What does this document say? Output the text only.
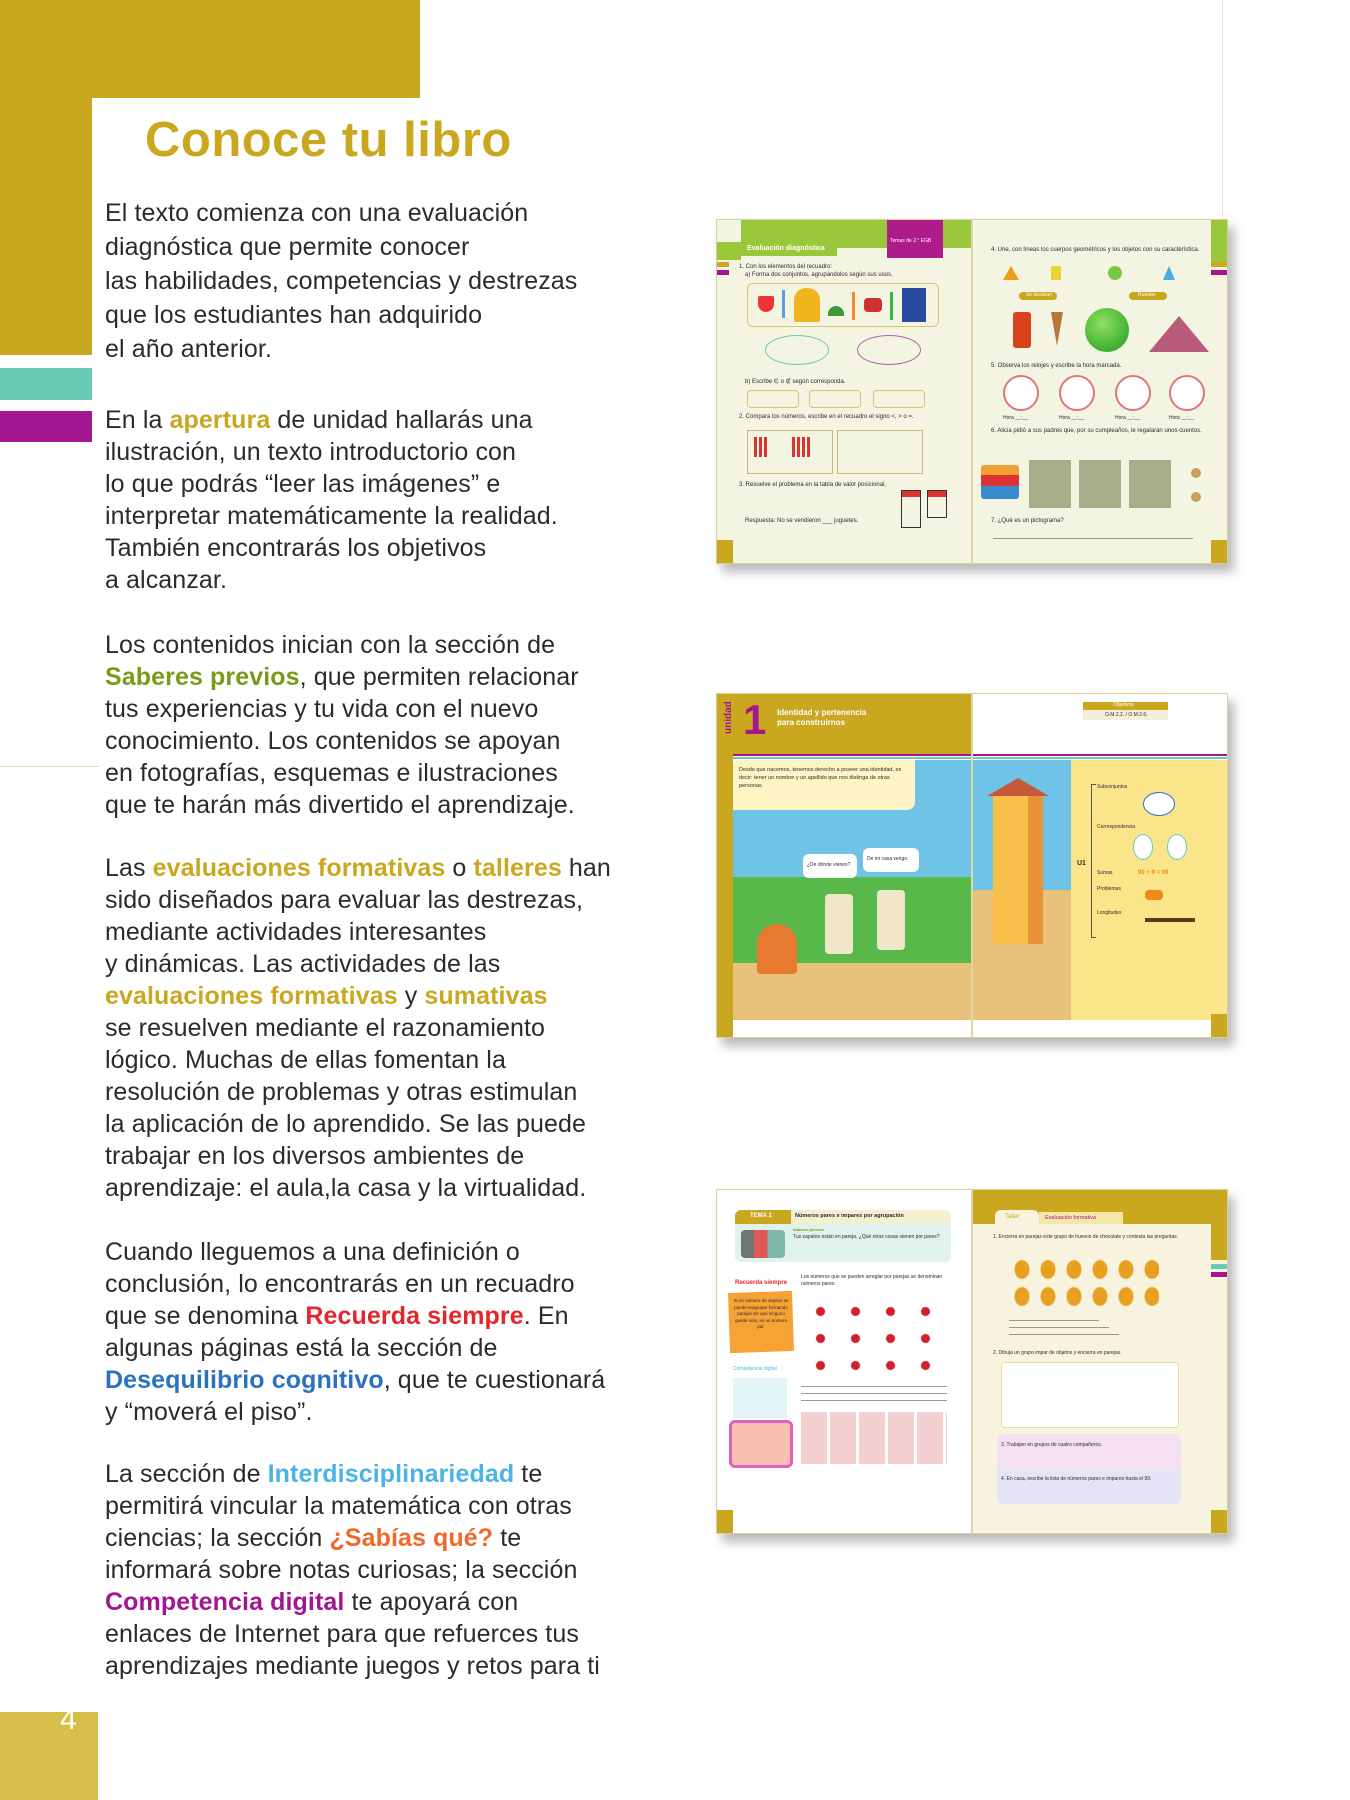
Conoce tu libro

El texto comienza con una evaluación
diagnóstica que permite conocer
las habilidades, competencias y destrezas
que los estudiantes han adquirido
el año anterior.

En la apertura de unidad hallarás una
ilustración, un texto introductorio con
lo que podrás “leer las imágenes” e
interpretar matemáticamente la realidad.
También encontrarás los objetivos
a alcanzar.

Los contenidos inician con la sección de
Saberes previos, que permiten relacionar
tus experiencias y tu vida con el nuevo
conocimiento. Los contenidos se apoyan
en fotografías, esquemas e ilustraciones
que te harán más divertido el aprendizaje.

Las evaluaciones formativas o talleres han
sido diseñados para evaluar las destrezas,
mediante actividades interesantes
y dinámicas. Las actividades de las
evaluaciones formativas y sumativas
se resuelven mediante el razonamiento
lógico. Muchas de ellas fomentan la
resolución de problemas y otras estimulan
la aplicación de lo aprendido. Se las puede
trabajar en los diversos ambientes de
aprendizaje: el aula,la casa y la virtualidad.

Cuando lleguemos a una definición o
conclusión, lo encontrarás en un recuadro
que se denomina Recuerda siempre. En
algunas páginas está la sección de
Desequilibrio cognitivo, que te cuestionará
y “moverá el piso”.

La sección de Interdisciplinariedad te
permitirá vincular la matemática con otras
ciencias; la sección ¿Sabías qué? te
informará sobre notas curiosas; la sección
Competencia digital te apoyará con
enlaces de Internet para que refuerces tus
aprendizajes mediante juegos y retos para ti

4
Evaluación diagnóstica
Temas de 2.° EGB
1. Con los elementos del recuadro:
a) Forma dos conjuntos, agrupándolos según sus usos.
b) Escribe ∈ o ∉ según corresponda.
2. Compara los números, escribe en el recuadro el signo <, > o =.
3. Resuelve el problema en la tabla de valor posicional.
Respuesta: No se vendieron ___ juguetes.
4. Une, con líneas los cuerpos geométricos y los objetos con su característica.
Se deslizan	Ruedan
5. Observa los relojes y escribe la hora marcada.
Hora __:__	Hora __:__	Hora __:__	Hora __:__
6. Alicia pidió a sus padres que, por su cumpleaños, le regalaran unos cuentos.
7. ¿Qué es un pictograma?
unidad 1 Identidad y pertenencia
para construirnos
Desde que nacemos, tenemos derecho a poseer una identidad, es decir: tener un nombre y un apellido que nos distinga de otras personas.
¿De dónde vienes?
De mi casa vengo.
Objetivos
O.M.2.2. / O.M.2.6.
U1
Subconjuntos
Correspondencia
Sumas	90 + 9 = 99
Problemas
Longitudes
TEMA 1	Números pares e impares por agrupación
Saberes previos
Tus zapatos están en pareja. ¿Qué otras cosas vienen por pares?
Recuerda siempre
Si un número de objetos se puede reagrupar formando parejas sin que ninguno quede solo, es un número par.
Competencia digital
Los números que se pueden arreglar por parejas se denominan números pares.
Taller	Evaluación formativa
1. Encierra en parejas este grupo de huevos de chocolate y contesta las preguntas.
2. Dibuja un grupo impar de objetos y encierra en parejas.
3. Trabajen en grupos de cuatro compañeros.
4. En casa, escribe la lista de números pares e impares hasta el 99.
